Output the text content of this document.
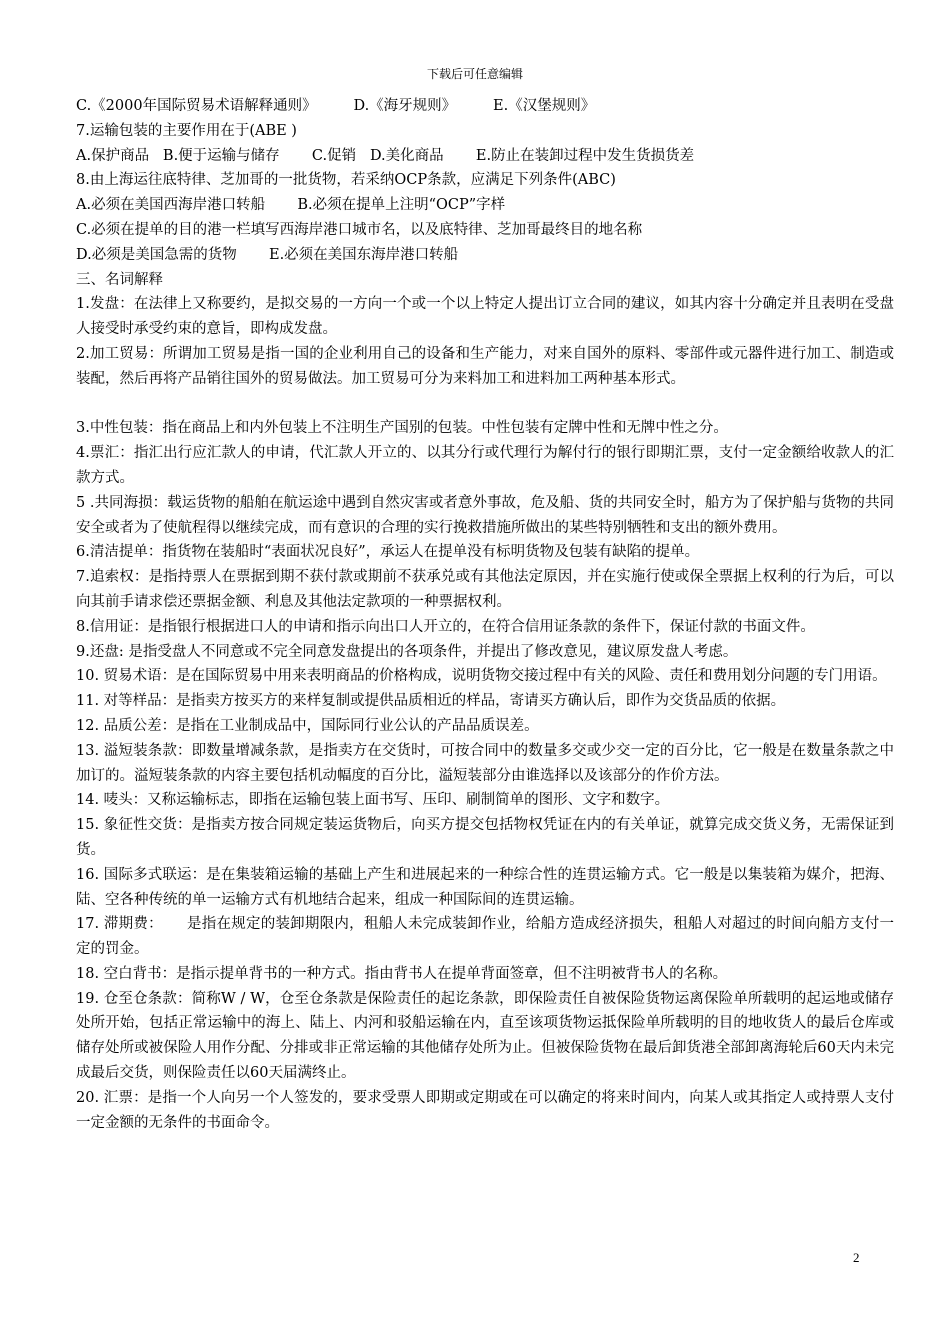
下载后可任意编辑

C.《2000年国际贸易术语解释通则》        D.《海牙规则》        E.《汉堡规则》

7.运输包装的主要作用在于(ABE )

A.保护商品   B.便于运输与储存       C.促销   D.美化商品       E.防止在装卸过程中发生货损货差

8.由上海运往底特律、芝加哥的一批货物，若采纳OCP条款，应满足下列条件(ABC)

A.必须在美国西海岸港口转船       B.必须在提单上注明“OCP”字样

C.必须在提单的目的港一栏填写西海岸港口城市名，以及底特律、芝加哥最终目的地名称

D.必须是美国急需的货物       E.必须在美国东海岸港口转船

三、名词解释

1.发盘：在法律上又称要约，是拟交易的一方向一个或一个以上特定人提出订立合同的建议，如其内容十分确定并且表明在受盘人接受时承受约束的意旨，即构成发盘。

2.加工贸易：所谓加工贸易是指一国的企业利用自己的设备和生产能力，对来自国外的原料、零部件或元器件进行加工、制造或装配，然后再将产品销往国外的贸易做法。加工贸易可分为来料加工和进料加工两种基本形式。

3.中性包装：指在商品上和内外包装上不注明生产国别的包装。中性包装有定牌中性和无牌中性之分。

4.票汇：指汇出行应汇款人的申请，代汇款人开立的、以其分行或代理行为解付行的银行即期汇票，支付一定金额给收款人的汇款方式。

5 .共同海损：载运货物的船舶在航运途中遇到自然灾害或者意外事故，危及船、货的共同安全时，船方为了保护船与货物的共同安全或者为了使航程得以继续完成，而有意识的合理的实行挽救措施所做出的某些特别牺牲和支出的额外费用。

6.清洁提单：指货物在装船时“表面状况良好”，承运人在提单没有标明货物及包装有缺陷的提单。

7.追索权：是指持票人在票据到期不获付款或期前不获承兑或有其他法定原因，并在实施行使或保全票据上权利的行为后，可以向其前手请求偿还票据金额、利息及其他法定款项的一种票据权利。

8.信用证：是指银行根据进口人的申请和指示向出口人开立的，在符合信用证条款的条件下，保证付款的书面文件。

9.还盘: 是指受盘人不同意或不完全同意发盘提出的各项条件，并提出了修改意见，建议原发盘人考虑。

10. 贸易术语：是在国际贸易中用来表明商品的价格构成，说明货物交接过程中有关的风险、责任和费用划分问题的专门用语。

11. 对等样品：是指卖方按买方的来样复制或提供品质相近的样品，寄请买方确认后，即作为交货品质的依据。

12. 品质公差：是指在工业制成品中，国际同行业公认的产品品质误差。

13. 溢短装条款：即数量增减条款，是指卖方在交货时，可按合同中的数量多交或少交一定的百分比，它一般是在数量条款之中加订的。溢短装条款的内容主要包括机动幅度的百分比，溢短装部分由谁选择以及该部分的作价方法。

14. 唛头：又称运输标志，即指在运输包装上面书写、压印、刷制简单的图形、文字和数字。

15. 象征性交货：是指卖方按合同规定装运货物后，向买方提交包括物权凭证在内的有关单证，就算完成交货义务，无需保证到货。

16. 国际多式联运：是在集装箱运输的基础上产生和进展起来的一种综合性的连贯运输方式。它一般是以集装箱为媒介，把海、陆、空各种传统的单一运输方式有机地结合起来，组成一种国际间的连贯运输。

17. 滞期费：     是指在规定的装卸期限内，租船人未完成装卸作业，给船方造成经济损失，租船人对超过的时间向船方支付一定的罚金。

18. 空白背书：是指示提单背书的一种方式。指由背书人在提单背面签章，但不注明被背书人的名称。

19. 仓至仓条款：简称W / W，仓至仓条款是保险责任的起讫条款，即保险责任自被保险货物运离保险单所载明的起运地或储存处所开始，包括正常运输中的海上、陆上、内河和驳船运输在内，直至该项货物运抵保险单所载明的目的地收货人的最后仓库或储存处所或被保险人用作分配、分排或非正常运输的其他储存处所为止。但被保险货物在最后卸货港全部卸离海轮后60天内未完成最后交货，则保险责任以60天届满终止。

20. 汇票：是指一个人向另一个人签发的，要求受票人即期或定期或在可以确定的将来时间内，向某人或其指定人或持票人支付一定金额的无条件的书面命令。

2
